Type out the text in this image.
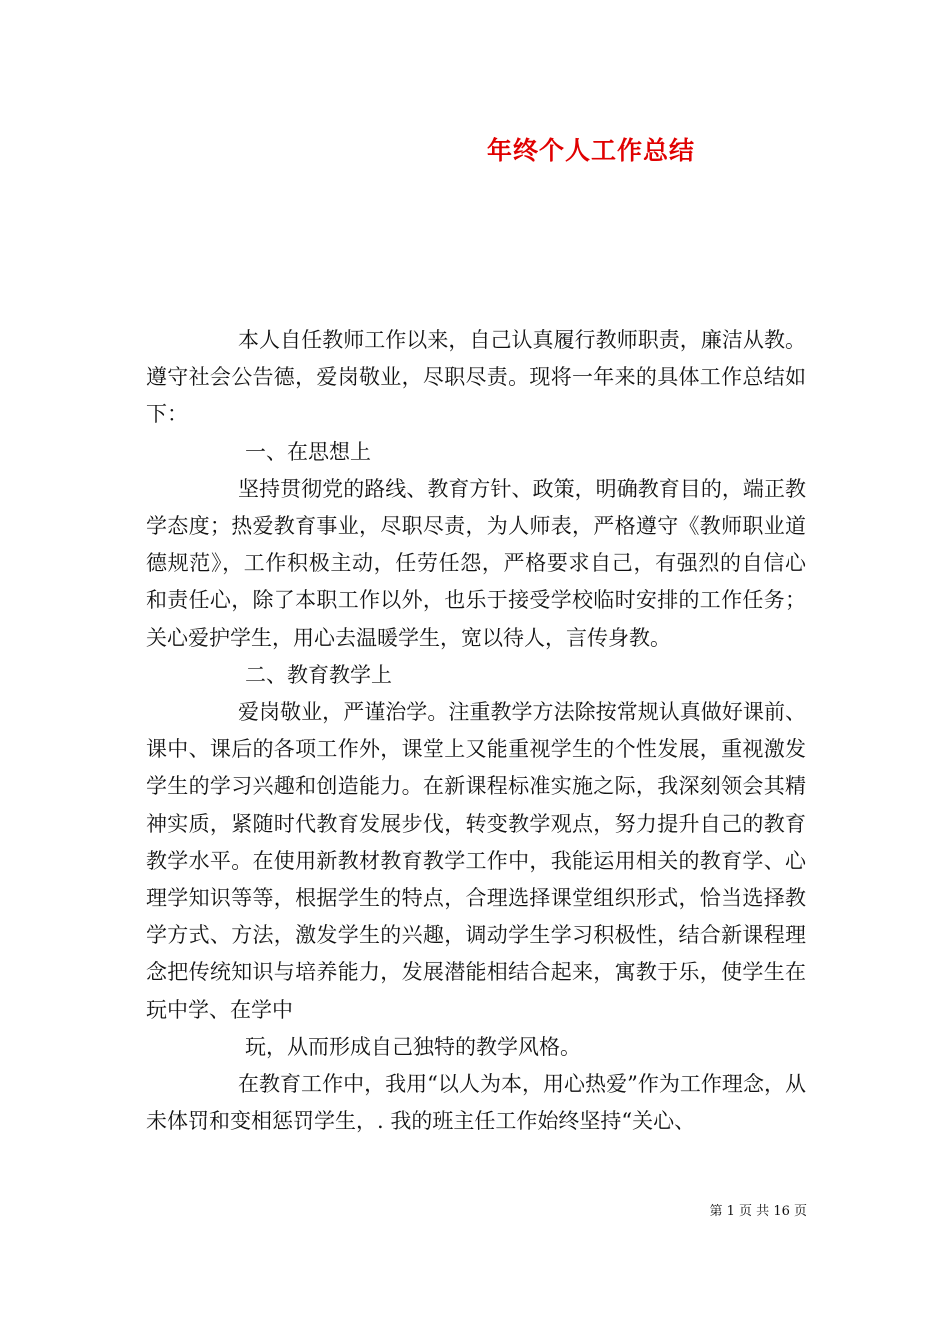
年终个人工作总结

本人自任教师工作以来，自己认真履行教师职责，廉洁从教。遵守社会公告德，爱岗敬业，尽职尽责。现将一年来的具体工作总结如下：

一、在思想上

坚持贯彻党的路线、教育方针、政策，明确教育目的，端正教学态度；热爱教育事业，尽职尽责，为人师表，严格遵守《教师职业道德规范》，工作积极主动，任劳任怨，严格要求自己，有强烈的自信心和责任心，除了本职工作以外，也乐于接受学校临时安排的工作任务；关心爱护学生，用心去温暖学生，宽以待人，言传身教。

二、教育教学上

爱岗敬业，严谨治学。注重教学方法除按常规认真做好课前、课中、课后的各项工作外，课堂上又能重视学生的个性发展，重视激发学生的学习兴趣和创造能力。在新课程标准实施之际，我深刻领会其精神实质，紧随时代教育发展步伐，转变教学观点，努力提升自己的教育教学水平。在使用新教材教育教学工作中，我能运用相关的教育学、心理学知识等等，根据学生的特点，合理选择课堂组织形式，恰当选择教学方式、方法，激发学生的兴趣，调动学生学习积极性，结合新课程理念把传统知识与培养能力，发展潜能相结合起来，寓教于乐，使学生在玩中学、在学中

玩，从而形成自己独特的教学风格。

在教育工作中，我用“以人为本，用心热爱”作为工作理念，从未体罚和变相惩罚学生，. 我的班主任工作始终坚持“关心、

第 1 页 共 16 页
